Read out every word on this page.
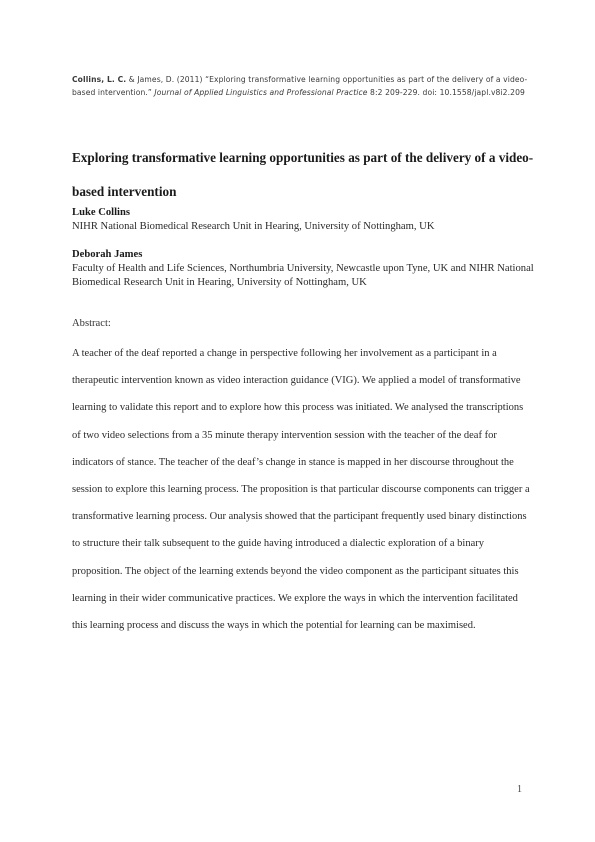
Collins, L. C. & James, D. (2011) “Exploring transformative learning opportunities as part of the delivery of a video-based intervention.” Journal of Applied Linguistics and Professional Practice 8:2 209-229. doi: 10.1558/japl.v8i2.209
Exploring transformative learning opportunities as part of the delivery of a video-based intervention
Luke Collins
NIHR National Biomedical Research Unit in Hearing, University of Nottingham, UK
Deborah James
Faculty of Health and Life Sciences, Northumbria University, Newcastle upon Tyne, UK and NIHR National Biomedical Research Unit in Hearing, University of Nottingham, UK
Abstract:
A teacher of the deaf reported a change in perspective following her involvement as a participant in a therapeutic intervention known as video interaction guidance (VIG). We applied a model of transformative learning to validate this report and to explore how this process was initiated. We analysed the transcriptions of two video selections from a 35 minute therapy intervention session with the teacher of the deaf for indicators of stance. The teacher of the deaf’s change in stance is mapped in her discourse throughout the session to explore this learning process. The proposition is that particular discourse components can trigger a transformative learning process. Our analysis showed that the participant frequently used binary distinctions to structure their talk subsequent to the guide having introduced a dialectic exploration of a binary proposition. The object of the learning extends beyond the video component as the participant situates this learning in their wider communicative practices. We explore the ways in which the intervention facilitated this learning process and discuss the ways in which the potential for learning can be maximised.
1
